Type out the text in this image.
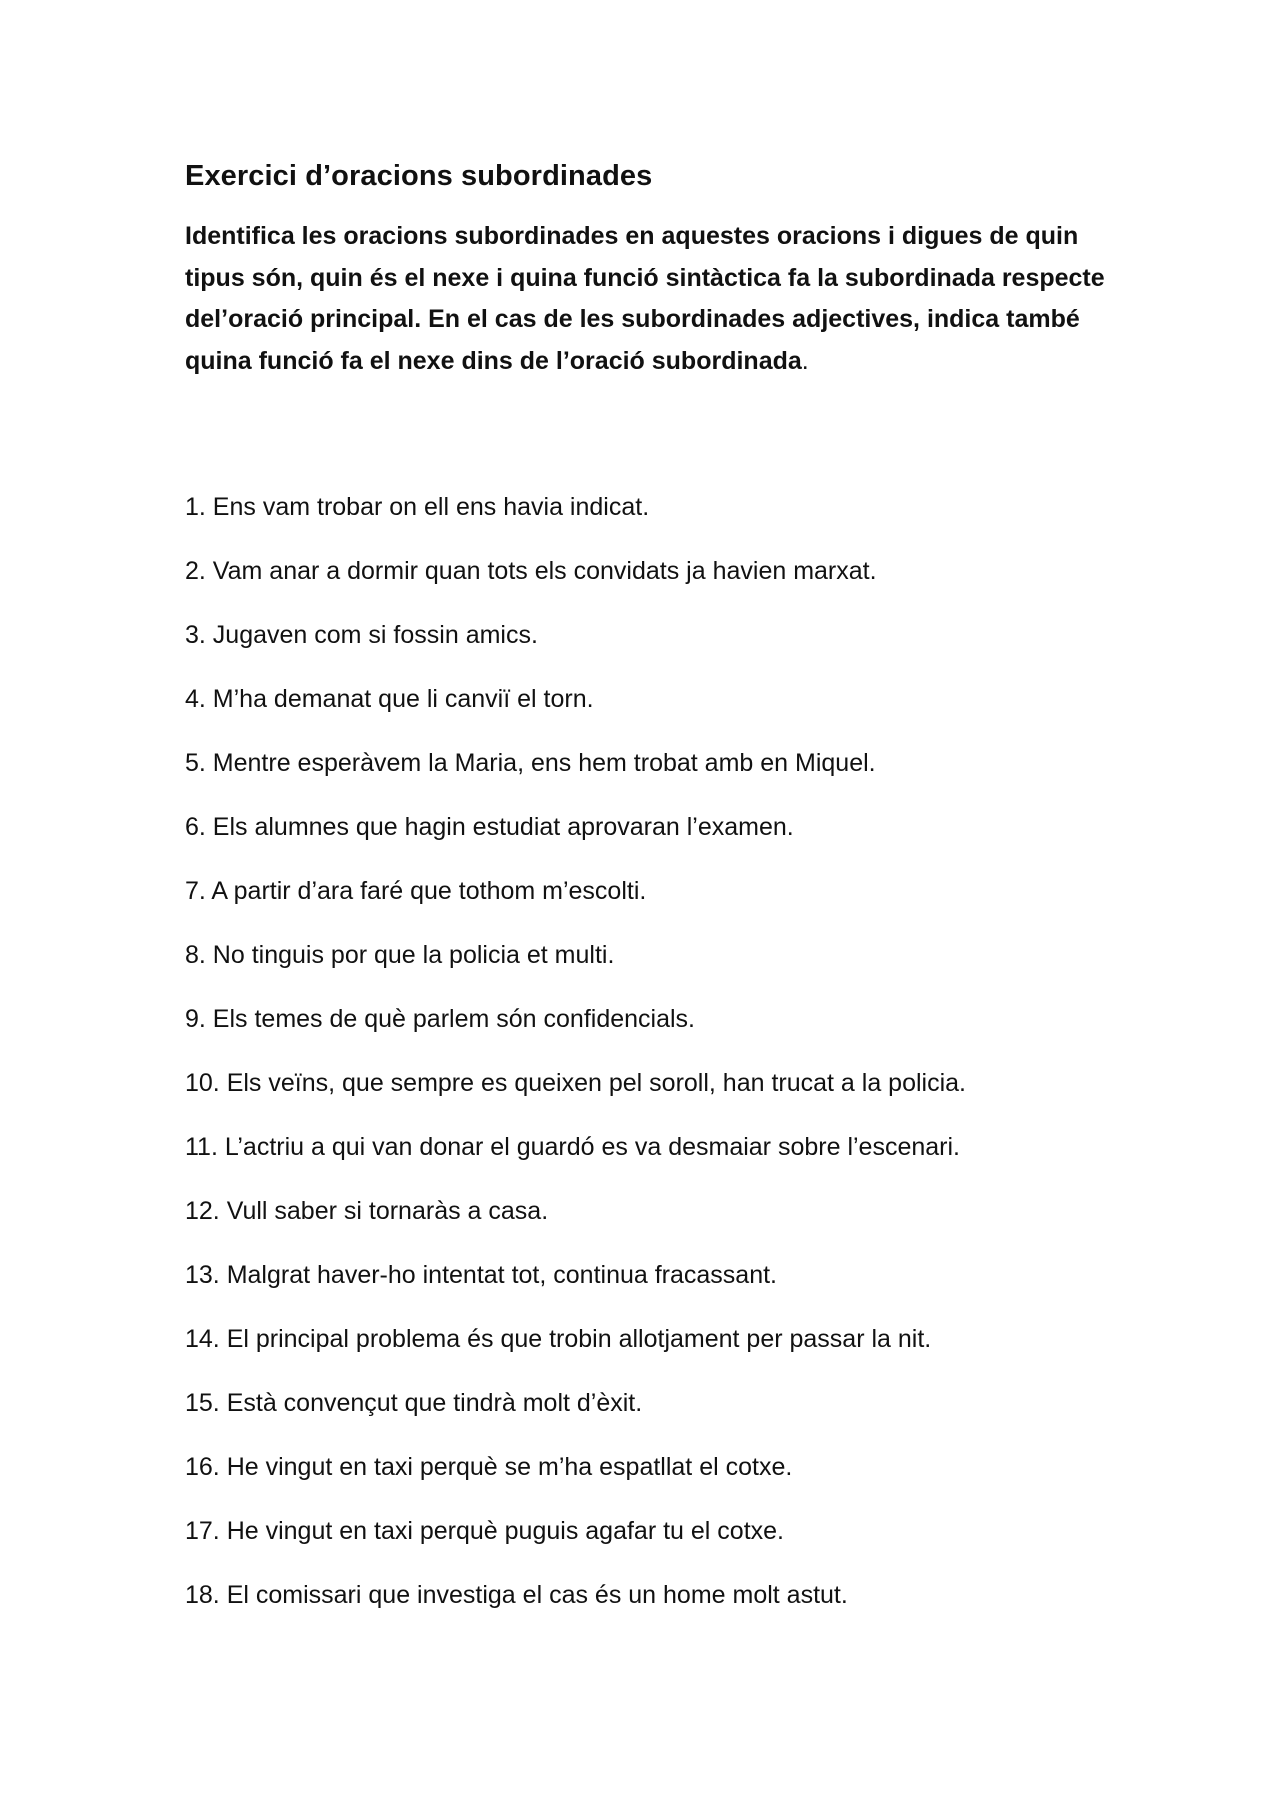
Exercici d’oracions subordinades

Identifica les oracions subordinades en aquestes oracions i digues de quin tipus són, quin és el nexe i quina funció sintàctica fa la subordinada respecte del’oració principal. En el cas de les subordinades adjectives, indica també quina funció fa el nexe dins de l’oració subordinada.

1. Ens vam trobar on ell ens havia indicat.
2. Vam anar a dormir quan tots els convidats ja havien marxat.
3. Jugaven com si fossin amics.
4. M’ha demanat que li canviï el torn.
5. Mentre esperàvem la Maria, ens hem trobat amb en Miquel.
6. Els alumnes que hagin estudiat aprovaran l’examen.
7. A partir d’ara faré que tothom m’escolti.
8. No tinguis por que la policia et multi.
9. Els temes de què parlem són confidencials.
10. Els veïns, que sempre es queixen pel soroll, han trucat a la policia.
11. L’actriu a qui van donar el guardó es va desmaiar sobre l’escenari.
12. Vull saber si tornaràs a casa.
13. Malgrat haver-ho intentat tot, continua fracassant.
14. El principal problema és que trobin allotjament per passar la nit.
15. Està convençut que tindrà molt d’èxit.
16. He vingut en taxi perquè se m’ha espatllat el cotxe.
17. He vingut en taxi perquè puguis agafar tu el cotxe.
18. El comissari que investiga el cas és un home molt astut.
